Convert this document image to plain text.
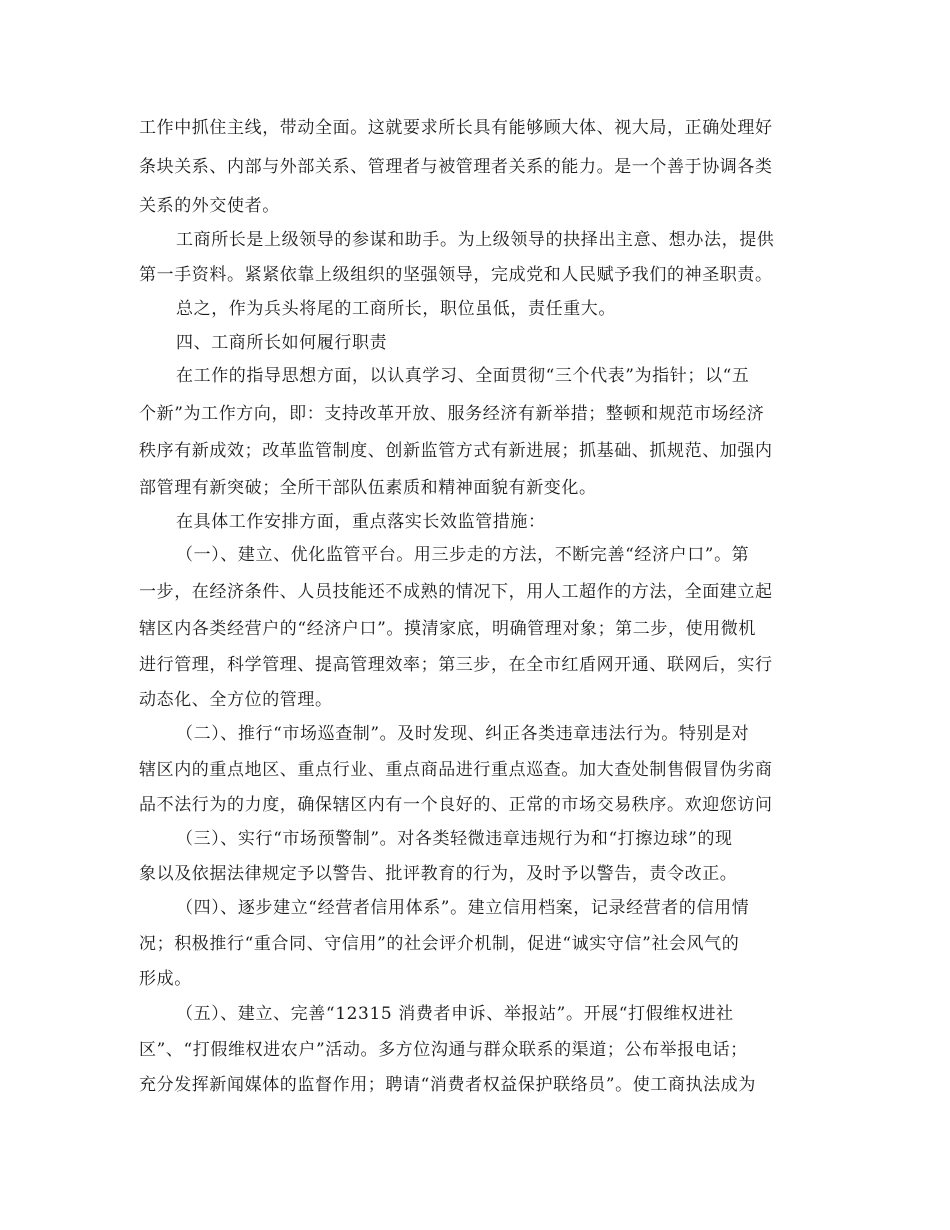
工作中抓住主线，带动全面。这就要求所长具有能够顾大体、视大局，正确处理好
条块关系、内部与外部关系、管理者与被管理者关系的能力。是一个善于协调各类
关系的外交使者。
工商所长是上级领导的参谋和助手。为上级领导的抉择出主意、想办法，提供
第一手资料。紧紧依靠上级组织的坚强领导，完成党和人民赋予我们的神圣职责。
总之，作为兵头将尾的工商所长，职位虽低，责任重大。
四、工商所长如何履行职责
在工作的指导思想方面，以认真学习、全面贯彻“三个代表”为指针；以“五
个新”为工作方向，即：支持改革开放、服务经济有新举措；整顿和规范市场经济
秩序有新成效；改革监管制度、创新监管方式有新进展；抓基础、抓规范、加强内
部管理有新突破；全所干部队伍素质和精神面貌有新变化。
在具体工作安排方面，重点落实长效监管措施：
（一）、建立、优化监管平台。用三步走的方法，不断完善“经济户口”。第
一步，在经济条件、人员技能还不成熟的情况下，用人工超作的方法，全面建立起
辖区内各类经营户的“经济户口”。摸清家底，明确管理对象；第二步，使用微机
进行管理，科学管理、提高管理效率；第三步，在全市红盾网开通、联网后，实行
动态化、全方位的管理。
（二）、推行“市场巡查制”。及时发现、纠正各类违章违法行为。特别是对
辖区内的重点地区、重点行业、重点商品进行重点巡查。加大查处制售假冒伪劣商
品不法行为的力度，确保辖区内有一个良好的、正常的市场交易秩序。欢迎您访问
（三）、实行“市场预警制”。对各类轻微违章违规行为和“打擦边球”的现
象以及依据法律规定予以警告、批评教育的行为，及时予以警告，责令改正。
（四）、逐步建立“经营者信用体系”。建立信用档案，记录经营者的信用情
况；积极推行“重合同、守信用”的社会评介机制，促进“诚实守信”社会风气的
形成。
（五）、建立、完善“12315 消费者申诉、举报站”。开展“打假维权进社
区”、“打假维权进农户”活动。多方位沟通与群众联系的渠道；公布举报电话；
充分发挥新闻媒体的监督作用；聘请“消费者权益保护联络员”。使工商执法成为
